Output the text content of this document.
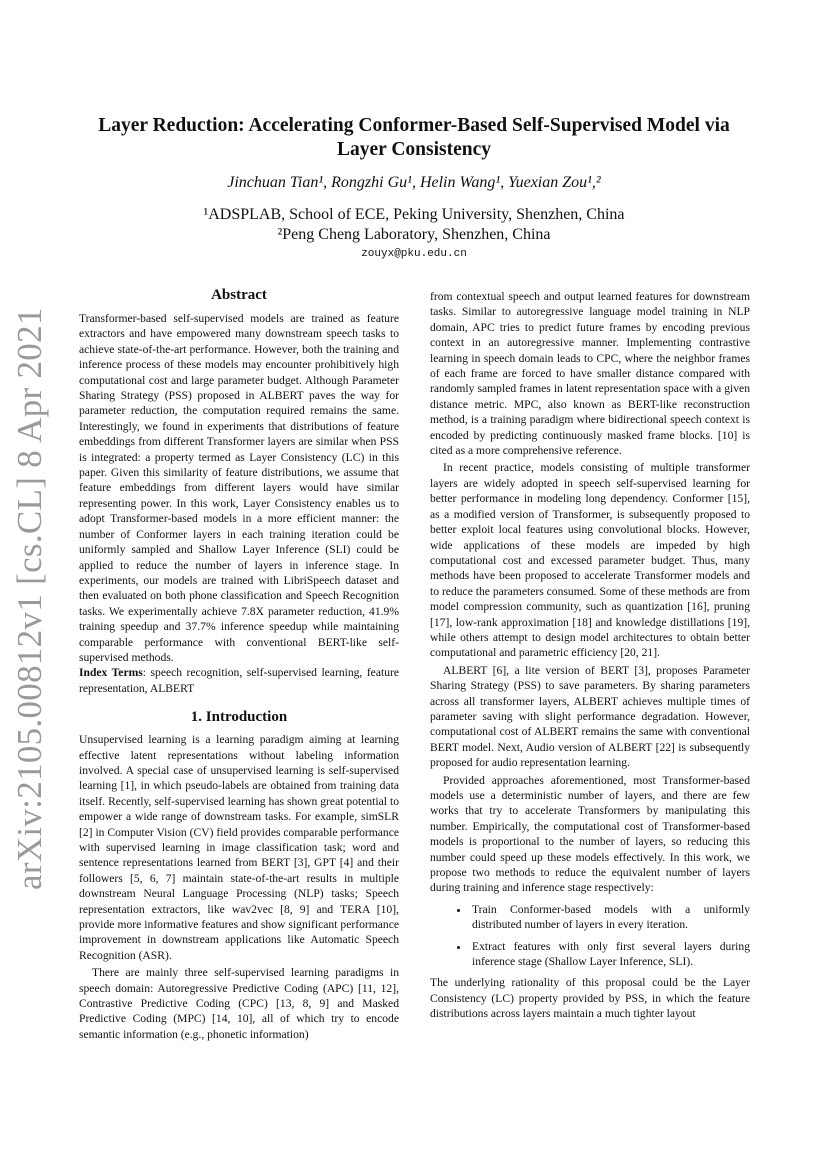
arXiv:2105.00812v1 [cs.CL] 8 Apr 2021
Layer Reduction: Accelerating Conformer-Based Self-Supervised Model via
Layer Consistency
Jinchuan Tian¹, Rongzhi Gu¹, Helin Wang¹, Yuexian Zou¹,²
¹ADSPLAB, School of ECE, Peking University, Shenzhen, China
²Peng Cheng Laboratory, Shenzhen, China
zouyx@pku.edu.cn
Abstract

Transformer-based self-supervised models are trained as feature extractors and have empowered many downstream speech tasks to achieve state-of-the-art performance. However, both the training and inference process of these models may encounter prohibitively high computational cost and large parameter budget. Although Parameter Sharing Strategy (PSS) proposed in ALBERT paves the way for parameter reduction, the computation required remains the same. Interestingly, we found in experiments that distributions of feature embeddings from different Transformer layers are similar when PSS is integrated: a property termed as Layer Consistency (LC) in this paper. Given this similarity of feature distributions, we assume that feature embeddings from different layers would have similar representing power. In this work, Layer Consistency enables us to adopt Transformer-based models in a more efficient manner: the number of Conformer layers in each training iteration could be uniformly sampled and Shallow Layer Inference (SLI) could be applied to reduce the number of layers in inference stage. In experiments, our models are trained with LibriSpeech dataset and then evaluated on both phone classification and Speech Recognition tasks. We experimentally achieve 7.8X parameter reduction, 41.9% training speedup and 37.7% inference speedup while maintaining comparable performance with conventional BERT-like self-supervised methods.

Index Terms: speech recognition, self-supervised learning, feature representation, ALBERT

1. Introduction

Unsupervised learning is a learning paradigm aiming at learning effective latent representations without labeling information involved. A special case of unsupervised learning is self-supervised learning [1], in which pseudo-labels are obtained from training data itself. Recently, self-supervised learning has shown great potential to empower a wide range of downstream tasks. For example, simSLR [2] in Computer Vision (CV) field provides comparable performance with supervised learning in image classification task; word and sentence representations learned from BERT [3], GPT [4] and their followers [5, 6, 7] maintain state-of-the-art results in multiple downstream Neural Language Processing (NLP) tasks; Speech representation extractors, like wav2vec [8, 9] and TERA [10], provide more informative features and show significant performance improvement in downstream applications like Automatic Speech Recognition (ASR).

There are mainly three self-supervised learning paradigms in speech domain: Autoregressive Predictive Coding (APC) [11, 12], Contrastive Predictive Coding (CPC) [13, 8, 9] and Masked Predictive Coding (MPC) [14, 10], all of which try to encode semantic information (e.g., phonetic information)

from contextual speech and output learned features for downstream tasks. Similar to autoregressive language model training in NLP domain, APC tries to predict future frames by encoding previous context in an autoregressive manner. Implementing contrastive learning in speech domain leads to CPC, where the neighbor frames of each frame are forced to have smaller distance compared with randomly sampled frames in latent representation space with a given distance metric. MPC, also known as BERT-like reconstruction method, is a training paradigm where bidirectional speech context is encoded by predicting continuously masked frame blocks. [10] is cited as a more comprehensive reference.

In recent practice, models consisting of multiple transformer layers are widely adopted in speech self-supervised learning for better performance in modeling long dependency. Conformer [15], as a modified version of Transformer, is subsequently proposed to better exploit local features using convolutional blocks. However, wide applications of these models are impeded by high computational cost and excessed parameter budget. Thus, many methods have been proposed to accelerate Transformer models and to reduce the parameters consumed. Some of these methods are from model compression community, such as quantization [16], pruning [17], low-rank approximation [18] and knowledge distillations [19], while others attempt to design model architectures to obtain better computational and parametric efficiency [20, 21].

ALBERT [6], a lite version of BERT [3], proposes Parameter Sharing Strategy (PSS) to save parameters. By sharing parameters across all transformer layers, ALBERT achieves multiple times of parameter saving with slight performance degradation. However, computational cost of ALBERT remains the same with conventional BERT model. Next, Audio version of ALBERT [22] is subsequently proposed for audio representation learning.

Provided approaches aforementioned, most Transformer-based models use a deterministic number of layers, and there are few works that try to accelerate Transformers by manipulating this number. Empirically, the computational cost of Transformer-based models is proportional to the number of layers, so reducing this number could speed up these models effectively. In this work, we propose two methods to reduce the equivalent number of layers during training and inference stage respectively:

• Train Conformer-based models with a uniformly distributed number of layers in every iteration.
• Extract features with only first several layers during inference stage (Shallow Layer Inference, SLI).

The underlying rationality of this proposal could be the Layer Consistency (LC) property provided by PSS, in which the feature distributions across layers maintain a much tighter layout
